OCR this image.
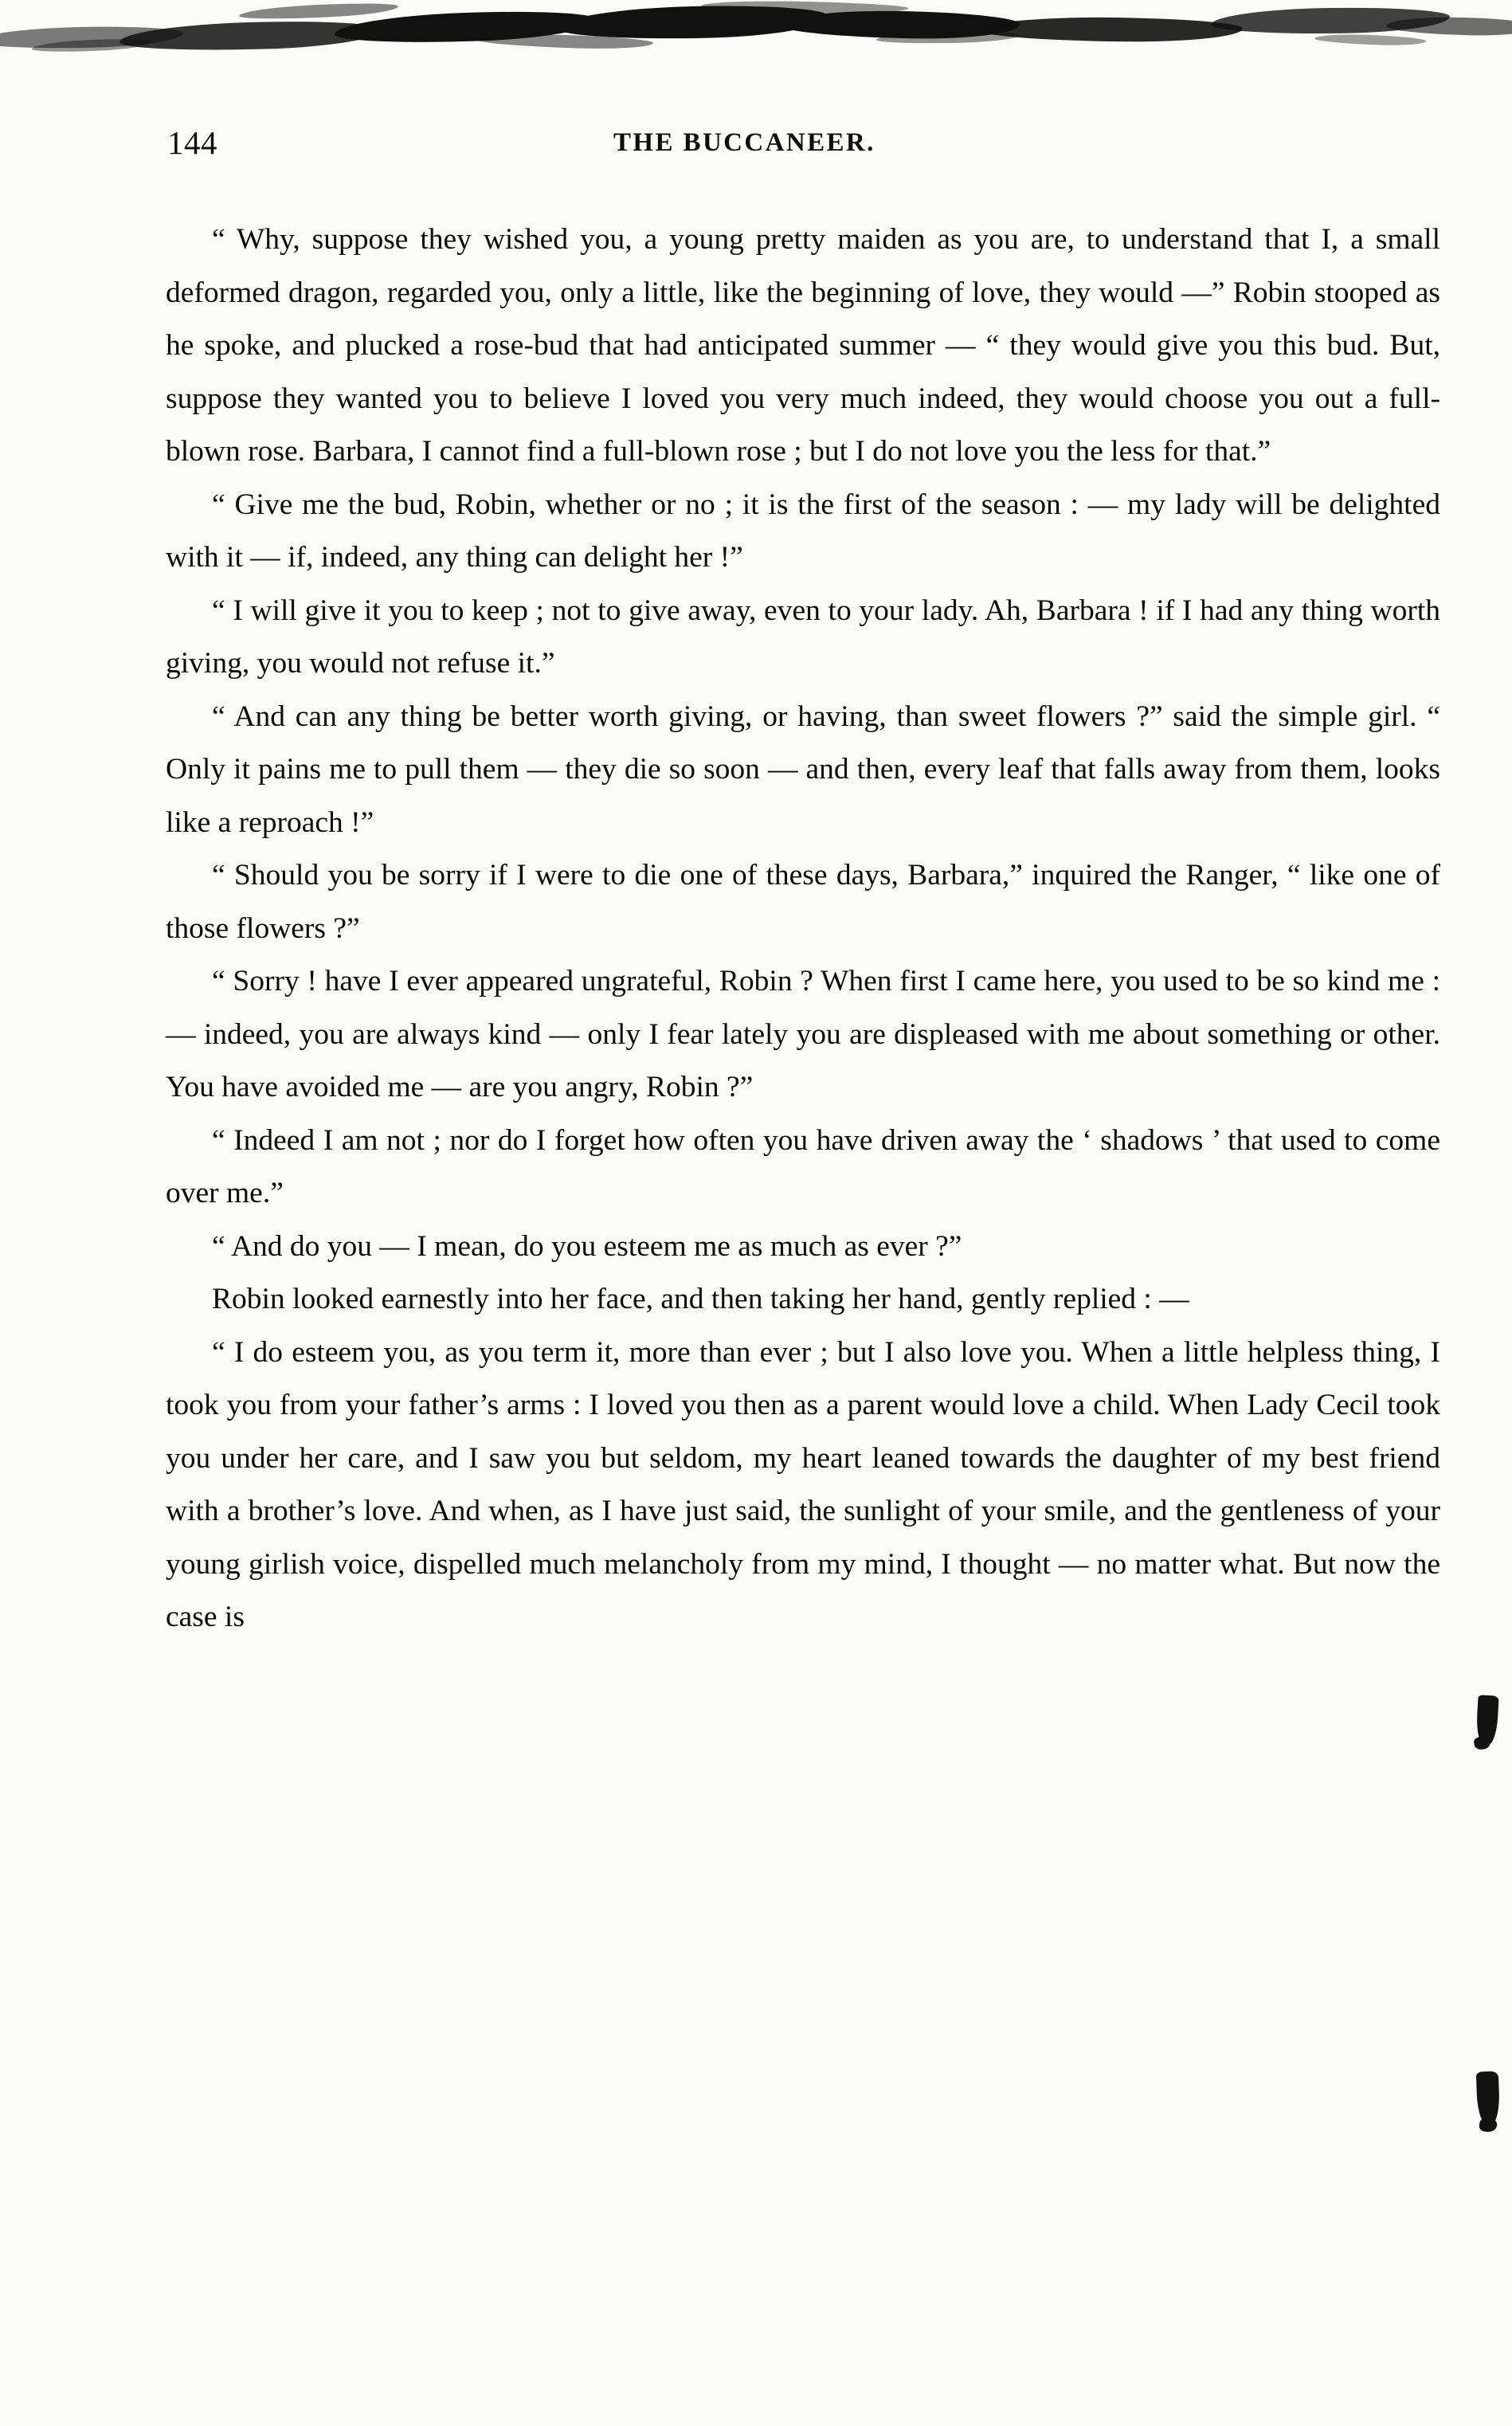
144	THE BUCCANEER.

“ Why, suppose they wished you, a young pretty maiden as you are, to understand that I, a small deformed dragon, regarded you, only a little, like the beginning of love, they would —” Robin stooped as he spoke, and plucked a rose-bud that had anticipated summer — “ they would give you this bud. But, suppose they wanted you to believe I loved you very much indeed, they would choose you out a full-blown rose. Barbara, I cannot find a full-blown rose ; but I do not love you the less for that.”

“ Give me the bud, Robin, whether or no ; it is the first of the season : — my lady will be delighted with it — if, indeed, any thing can delight her !”

“ I will give it you to keep ; not to give away, even to your lady. Ah, Barbara ! if I had any thing worth giving, you would not refuse it.”

“ And can any thing be better worth giving, or having, than sweet flowers ?” said the simple girl. “ Only it pains me to pull them — they die so soon — and then, every leaf that falls away from them, looks like a reproach !”

“ Should you be sorry if I were to die one of these days, Barbara,” inquired the Ranger, “ like one of those flowers ?”

“ Sorry ! have I ever appeared ungrateful, Robin ? When first I came here, you used to be so kind me : — indeed, you are always kind — only I fear lately you are displeased with me about something or other. You have avoided me — are you angry, Robin ?”

“ Indeed I am not ; nor do I forget how often you have driven away the ‘ shadows ’ that used to come over me.”

“ And do you — I mean, do you esteem me as much as ever ?”

Robin looked earnestly into her face, and then taking her hand, gently replied : —

“ I do esteem you, as you term it, more than ever ; but I also love you. When a little helpless thing, I took you from your father’s arms : I loved you then as a parent would love a child. When Lady Cecil took you under her care, and I saw you but seldom, my heart leaned towards the daughter of my best friend with a brother’s love. And when, as I have just said, the sunlight of your smile, and the gentleness of your young girlish voice, dispelled much melancholy from my mind, I thought — no matter what. But now the case is
